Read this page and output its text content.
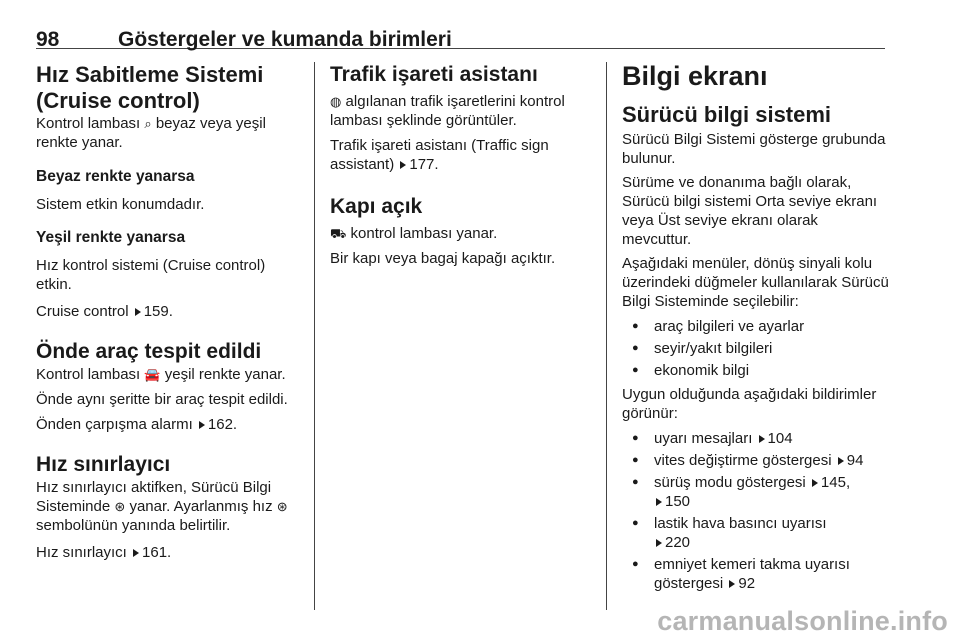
98	Göstergeler ve kumanda birimleri
Hız Sabitleme Sistemi (Cruise control)

Kontrol lambası ⌕ beyaz veya yeşil renkte yanar.

Beyaz renkte yanarsa

Sistem etkin konumdadır.

Yeşil renkte yanarsa

Hız kontrol sistemi (Cruise control) etkin.

Cruise control 159.

Önde araç tespit edildi

Kontrol lambası 🚘 yeşil renkte yanar.

Önde aynı şeritte bir araç tespit edildi.

Önden çarpışma alarmı 162.

Hız sınırlayıcı

Hız sınırlayıcı aktifken, Sürücü Bilgi Sisteminde ⊛ yanar. Ayarlanmış hız ⊛ sembolünün yanında belirtilir.

Hız sınırlayıcı 161.

Trafik işareti asistanı

◍ algılanan trafik işaretlerini kontrol lambası şeklinde görüntüler.

Trafik işareti asistanı (Traffic sign assistant) 177.

Kapı açık

⛟ kontrol lambası yanar.

Bir kapı veya bagaj kapağı açıktır.

Bilgi ekranı
Sürücü bilgi sistemi

Sürücü Bilgi Sistemi gösterge grubunda bulunur.

Sürüme ve donanıma bağlı olarak, Sürücü bilgi sistemi Orta seviye ekranı veya Üst seviye ekranı olarak mevcuttur.

Aşağıdaki menüler, dönüş sinyali kolu üzerindeki düğmeler kullanılarak Sürücü Bilgi Sisteminde seçilebilir:

● araç bilgileri ve ayarlar
● seyir/yakıt bilgileri
● ekonomik bilgi

Uygun olduğunda aşağıdaki bildirimler görünür:

● uyarı mesajları 104
● vites değiştirme göstergesi 94
● sürüş modu göstergesi 145,
150
● lastik hava basıncı uyarısı
220
● emniyet kemeri takma uyarısı göstergesi 92
carmanualsonline.info
